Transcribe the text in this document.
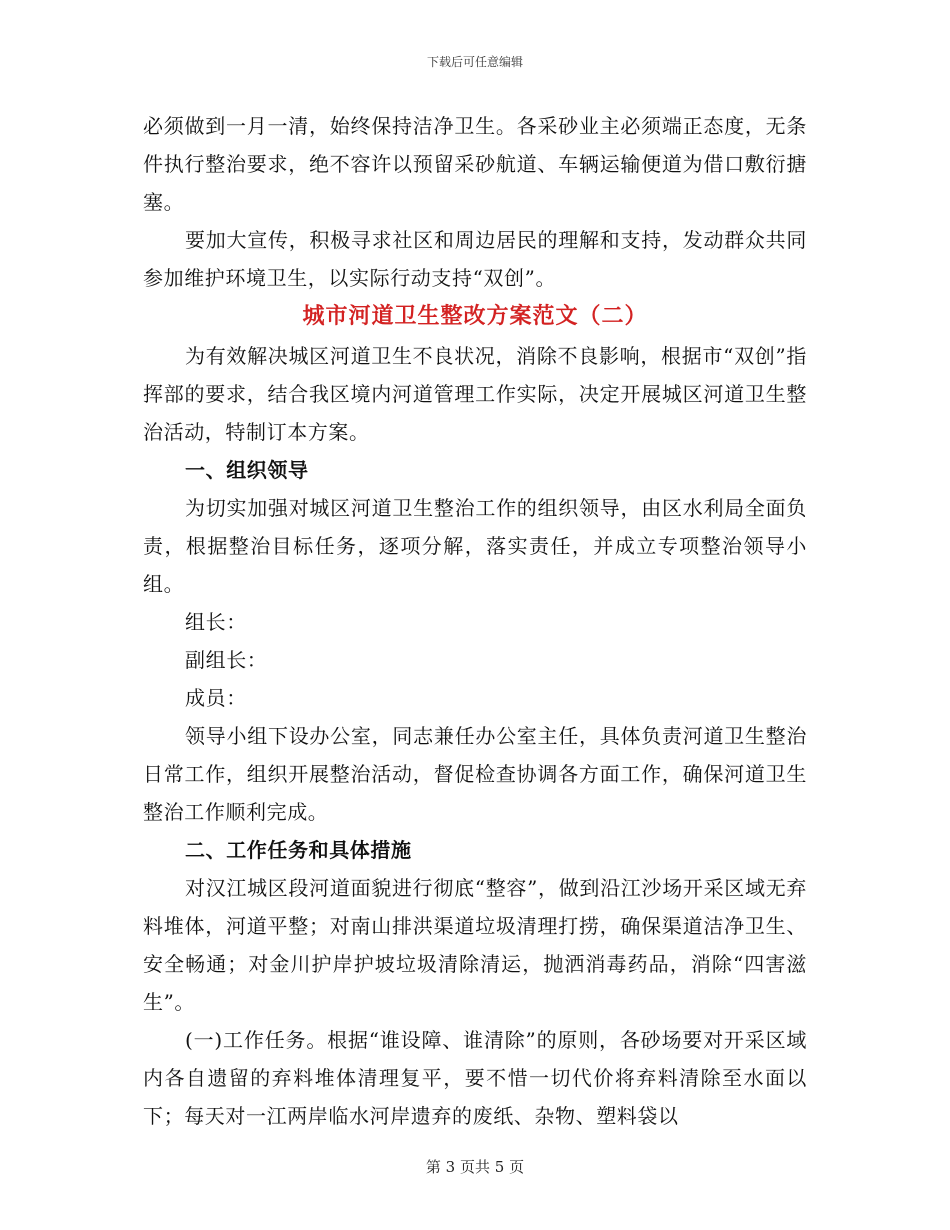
下载后可任意编辑

必须做到一月一清，始终保持洁净卫生。各采砂业主必须端正态度，无条件执行整治要求，绝不容许以预留采砂航道、车辆运输便道为借口敷衍搪塞。

要加大宣传，积极寻求社区和周边居民的理解和支持，发动群众共同参加维护环境卫生，以实际行动支持“双创”。

城市河道卫生整改方案范文（二）

为有效解决城区河道卫生不良状况，消除不良影响，根据市“双创”指挥部的要求，结合我区境内河道管理工作实际，决定开展城区河道卫生整治活动，特制订本方案。

一、组织领导

为切实加强对城区河道卫生整治工作的组织领导，由区水利局全面负责，根据整治目标任务，逐项分解，落实责任，并成立专项整治领导小组。

组长：

副组长：

成员：

领导小组下设办公室，同志兼任办公室主任，具体负责河道卫生整治日常工作，组织开展整治活动，督促检查协调各方面工作，确保河道卫生整治工作顺利完成。

二、工作任务和具体措施

对汉江城区段河道面貌进行彻底“整容”，做到沿江沙场开采区域无弃料堆体，河道平整；对南山排洪渠道垃圾清理打捞，确保渠道洁净卫生、安全畅通；对金川护岸护坡垃圾清除清运，抛洒消毒药品，消除“四害滋生”。

(一)工作任务。根据“谁设障、谁清除”的原则，各砂场要对开采区域内各自遗留的弃料堆体清理复平，要不惜一切代价将弃料清除至水面以下；每天对一江两岸临水河岸遗弃的废纸、杂物、塑料袋以

第 3 页共 5 页
